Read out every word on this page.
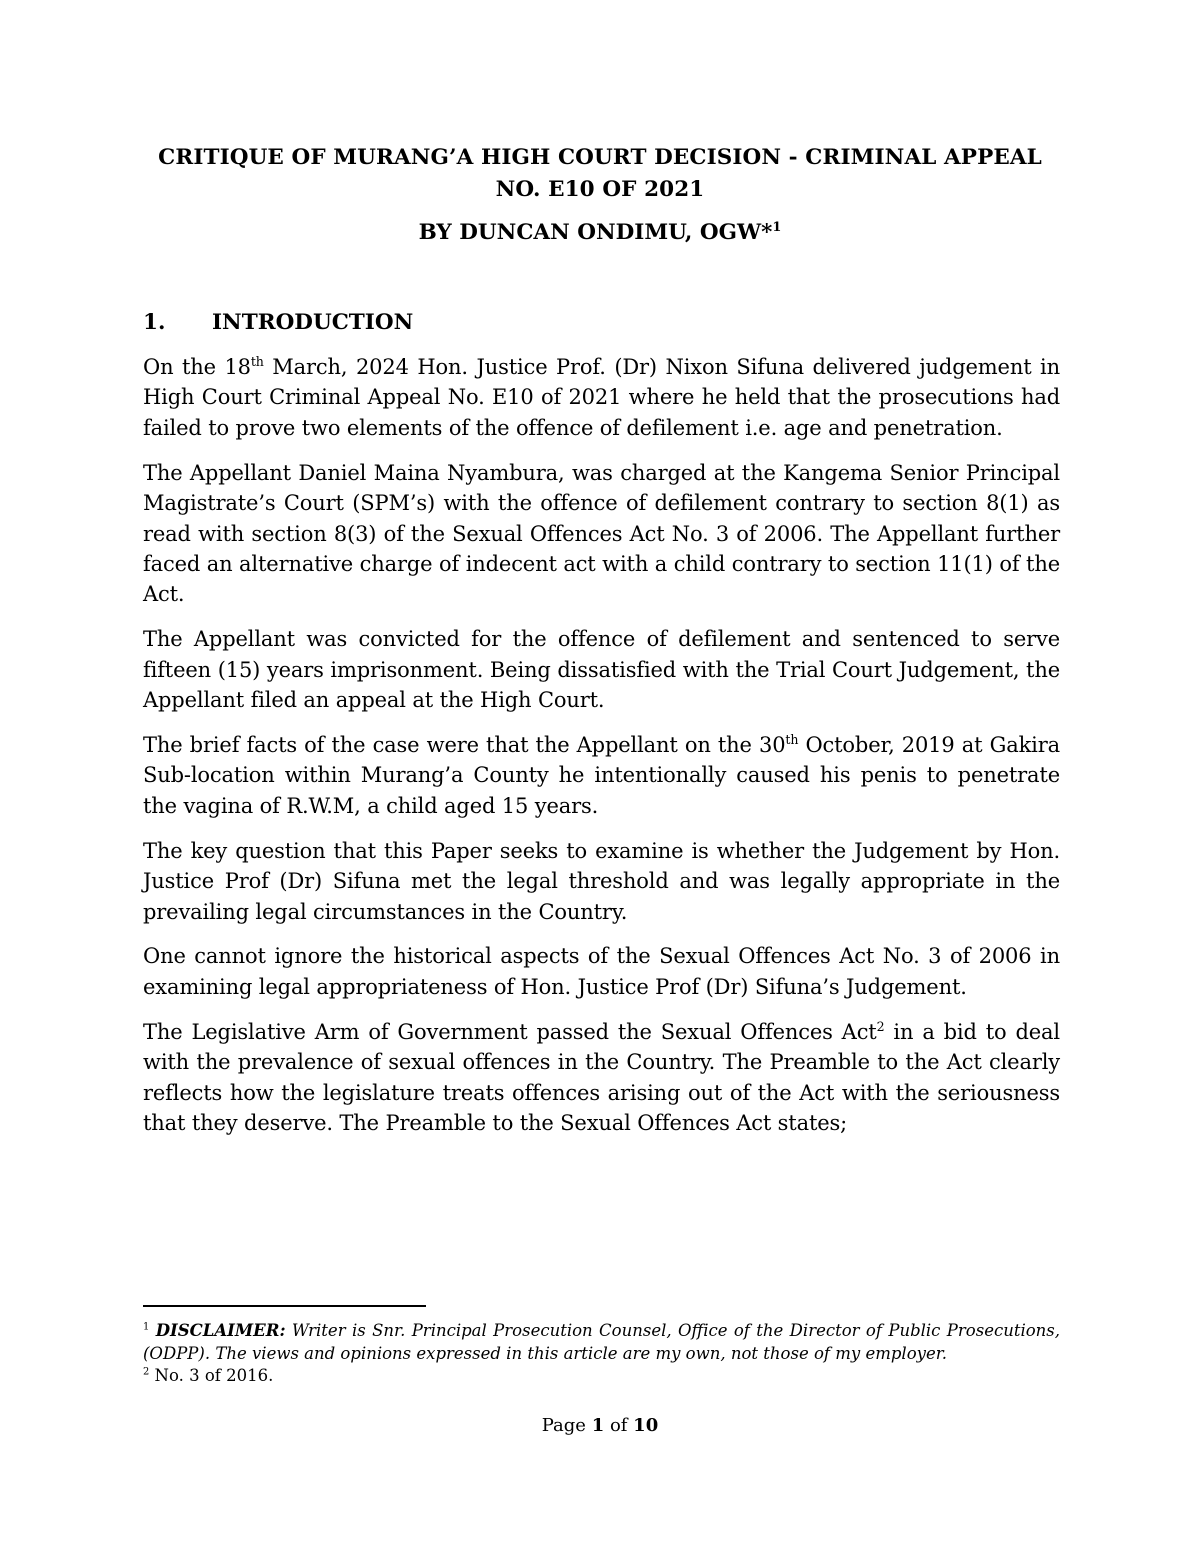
CRITIQUE OF MURANG’A HIGH COURT DECISION - CRIMINAL APPEAL
NO. E10 OF 2021
BY DUNCAN ONDIMU, OGW*$^1$
1. INTRODUCTION

On the 18th March, 2024 Hon. Justice Prof. (Dr) Nixon Sifuna delivered judgement in High Court Criminal Appeal No. E10 of 2021 where he held that the prosecutions had failed to prove two elements of the offence of defilement i.e. age and penetration.

The Appellant Daniel Maina Nyambura, was charged at the Kangema Senior Principal Magistrate’s Court (SPM’s) with the offence of defilement contrary to section 8(1) as read with section 8(3) of the Sexual Offences Act No. 3 of 2006. The Appellant further faced an alternative charge of indecent act with a child contrary to section 11(1) of the Act.

The Appellant was convicted for the offence of defilement and sentenced to serve fifteen (15) years imprisonment. Being dissatisfied with the Trial Court Judgement, the Appellant filed an appeal at the High Court.

The brief facts of the case were that the Appellant on the 30th October, 2019 at Gakira Sub-location within Murang’a County he intentionally caused his penis to penetrate the vagina of R.W.M, a child aged 15 years.

The key question that this Paper seeks to examine is whether the Judgement by Hon. Justice Prof (Dr) Sifuna met the legal threshold and was legally appropriate in the prevailing legal circumstances in the Country.

One cannot ignore the historical aspects of the Sexual Offences Act No. 3 of 2006 in examining legal appropriateness of Hon. Justice Prof (Dr) Sifuna’s Judgement.

The Legislative Arm of Government passed the Sexual Offences Act$^2$ in a bid to deal with the prevalence of sexual offences in the Country. The Preamble to the Act clearly reflects how the legislature treats offences arising out of the Act with the seriousness that they deserve. The Preamble to the Sexual Offences Act states;

$^1$ DISCLAIMER: Writer is Snr. Principal Prosecution Counsel, Office of the Director of Public Prosecutions, (ODPP). The views and opinions expressed in this article are my own, not those of my employer.

$^2$ No. 3 of 2016.

Page 1 of 10
